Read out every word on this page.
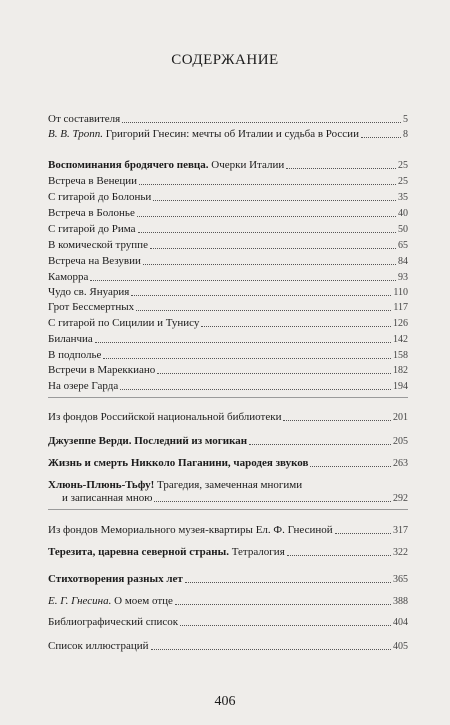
СОДЕРЖАНИЕ
От составителя	5
В. В. Тропп. Григорий Гнесин: мечты об Италии и судьба в России	8
Воспоминания бродячего певца. Очерки Италии	25
Встреча в Венеции	25
С гитарой до Болоньи	35
Встреча в Болонье	40
С гитарой до Рима	50
В комической труппе	65
Встреча на Везувии	84
Каморра	93
Чудо св. Януария	110
Грот Бессмертных	117
С гитарой по Сицилии и Тунису	126
Биланчиа	142
В подполье	158
Встречи в Мареккиано	182
На озере Гарда	194
Из фондов Российской национальной библиотеки	201
Джузеппе Верди. Последний из могикан	205
Жизнь и смерть Никколо Паганини, чародея звуков	263
Хлюнь-Плюнь-Тьфу! Трагедия, замеченная многими
и записанная мною	292
Из фондов Мемориального музея-квартиры Ел. Ф. Гнесиной	317
Терезита, царевна северной страны. Тетралогия	322
Стихотворения разных лет	365
Е. Г. Гнесина. О моем отце	388
Библиографический список	404
Список иллюстраций	405
406
